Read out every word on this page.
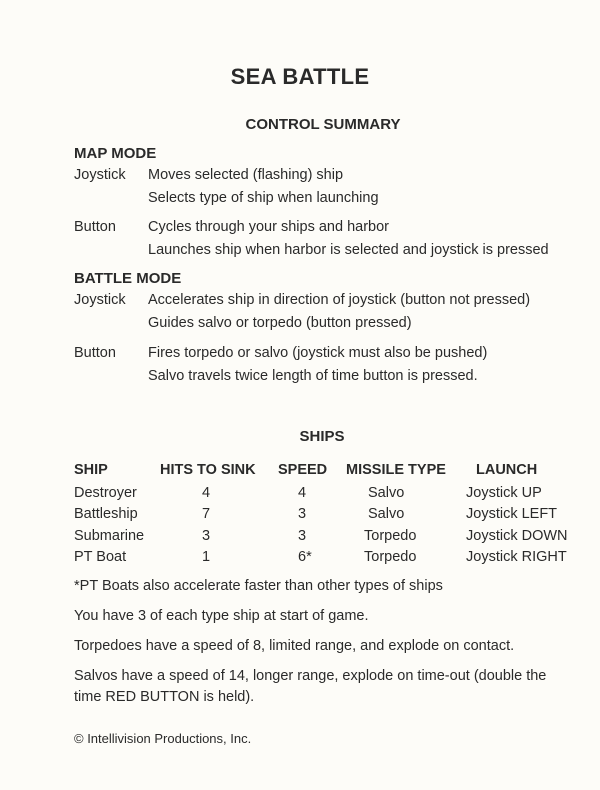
SEA BATTLE
CONTROL SUMMARY
MAP MODE
Joystick Moves selected (flashing) ship
Selects type of ship when launching
Button Cycles through your ships and harbor
Launches ship when harbor is selected and joystick is pressed
BATTLE MODE
Joystick Accelerates ship in direction of joystick (button not pressed)
Guides salvo or torpedo (button pressed)
Button Fires torpedo or salvo (joystick must also be pushed)
Salvo travels twice length of time button is pressed.
SHIPS
SHIP	HITS TO SINK	SPEED	MISSILE TYPE	LAUNCH
Destroyer	4	4	Salvo	Joystick UP
Battleship	7	3	Salvo	Joystick LEFT
Submarine	3	3	Torpedo	Joystick DOWN
PT Boat	1	6*	Torpedo	Joystick RIGHT
*PT Boats also accelerate faster than other types of ships
You have 3 of each type ship at start of game.
Torpedoes have a speed of 8, limited range, and explode on contact.
Salvos have a speed of 14, longer range, explode on time-out (double the time RED BUTTON is held).
© Intellivision Productions, Inc.
